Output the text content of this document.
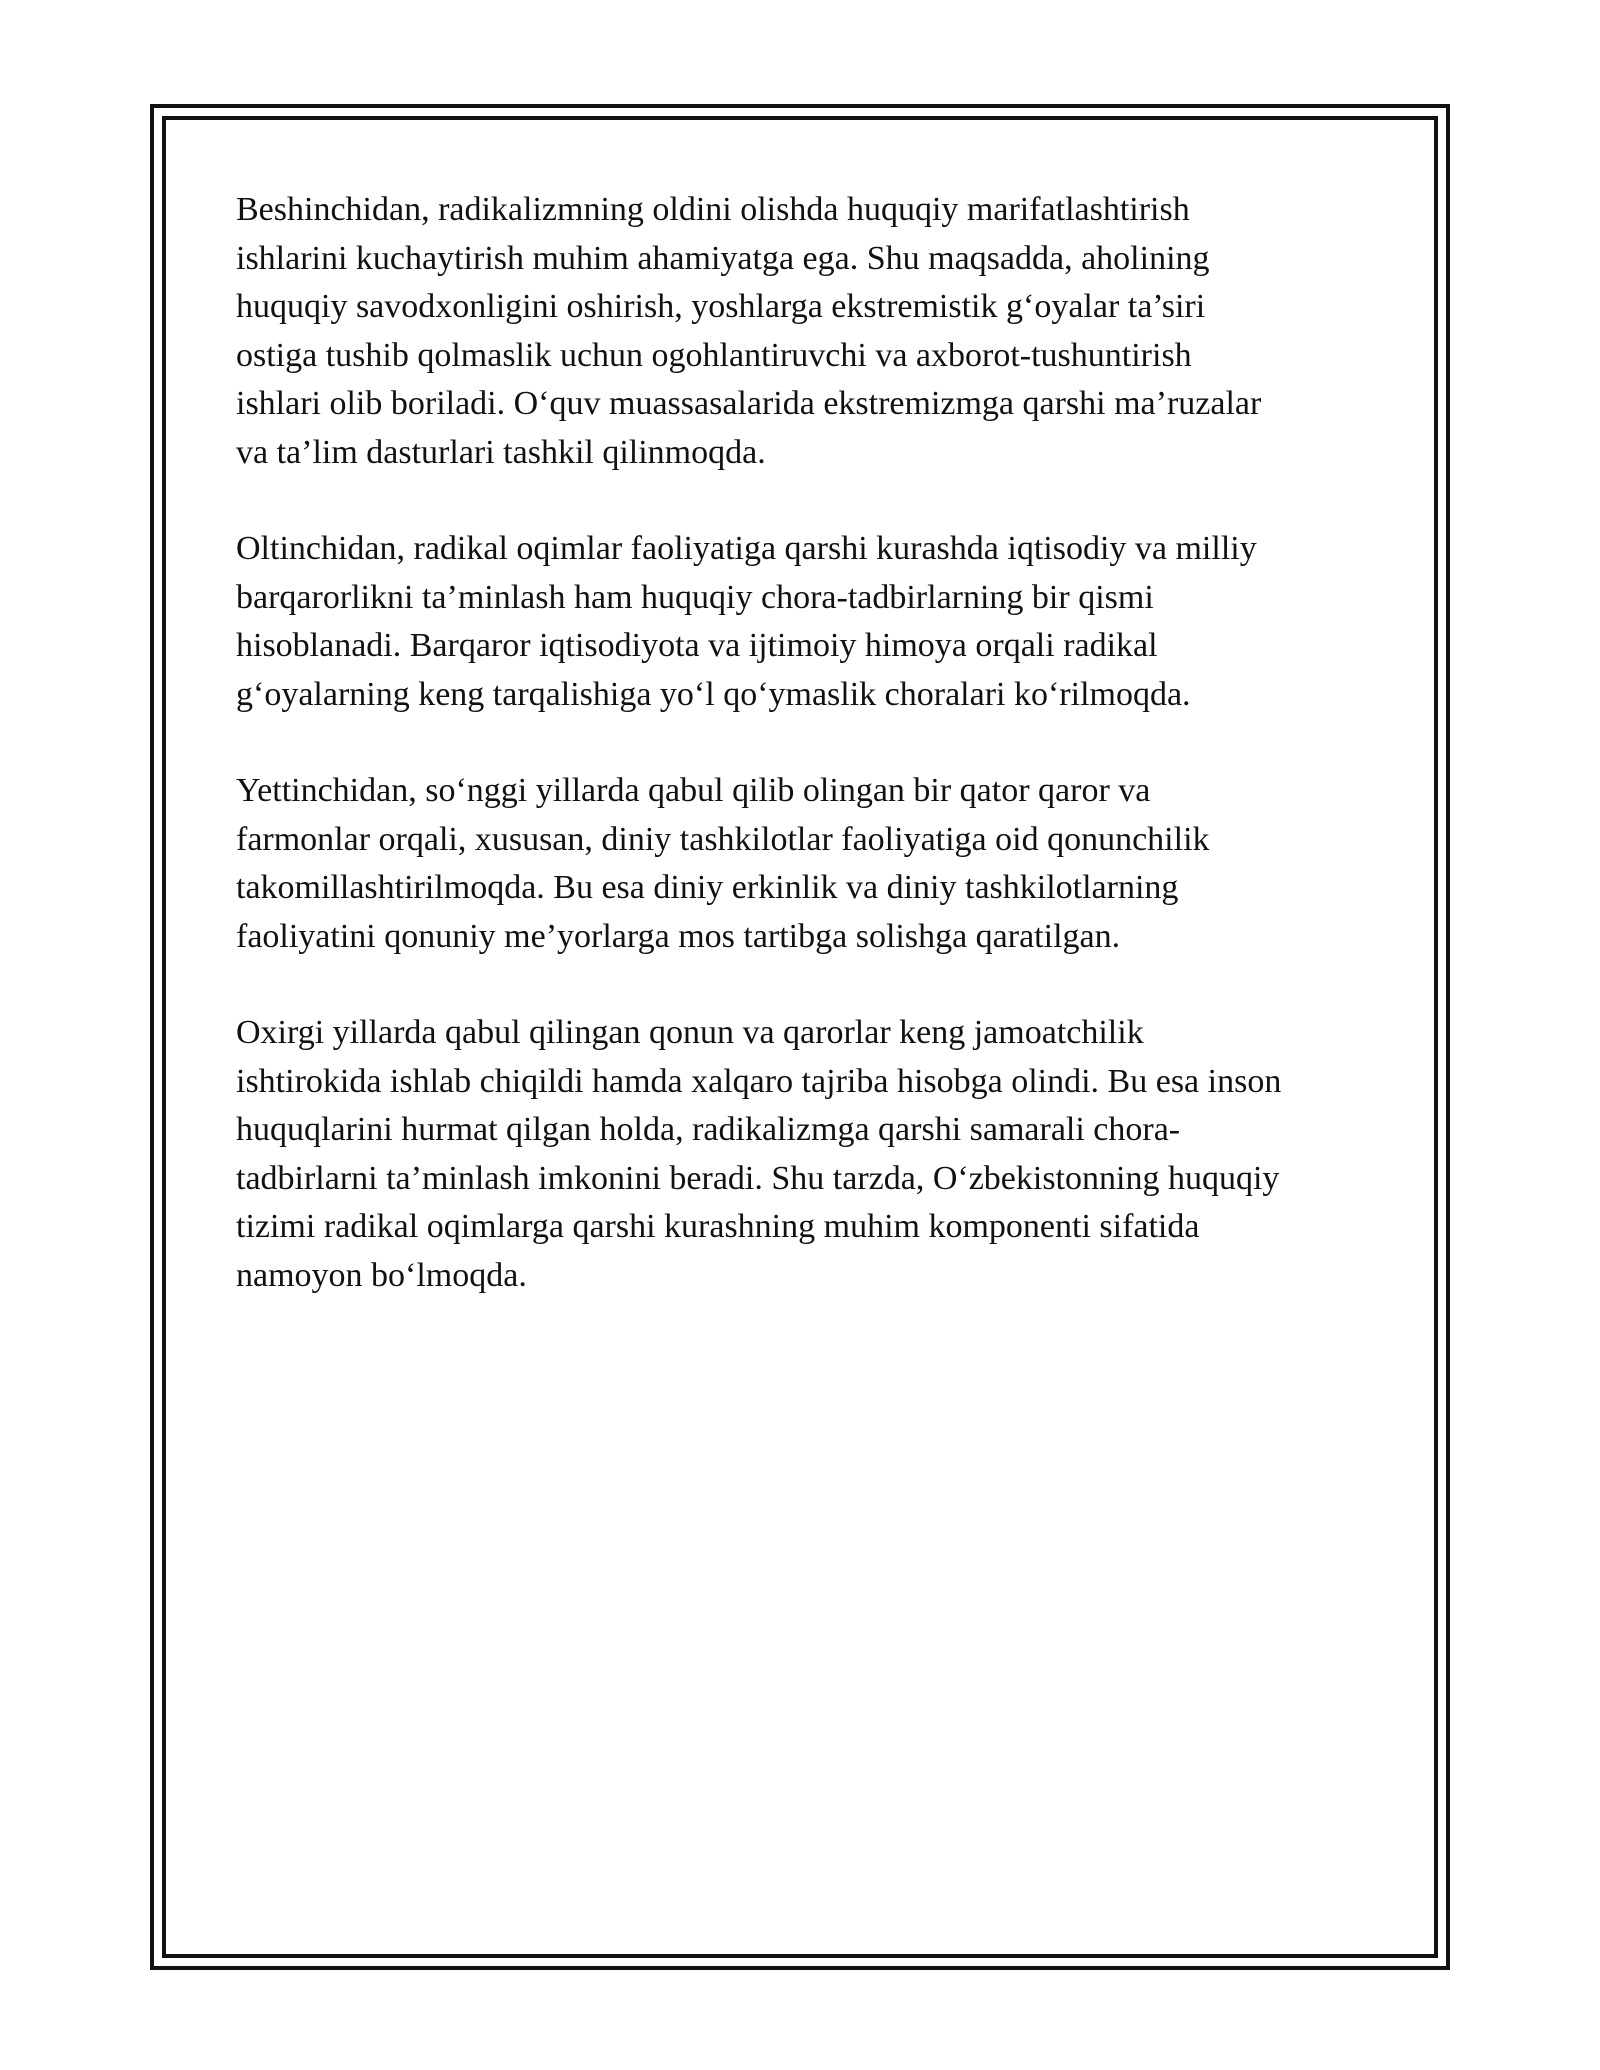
Beshinchidan, radikalizmning oldini olishda huquqiy marifatlashtirish
ishlarini kuchaytirish muhim ahamiyatga ega. Shu maqsadda, aholining
huquqiy savodxonligini oshirish, yoshlarga ekstremistik g‘oyalar ta’siri
ostiga tushib qolmaslik uchun ogohlantiruvchi va axborot-tushuntirish
ishlari olib boriladi. O‘quv muassasalarida ekstremizmga qarshi ma’ruzalar
va ta’lim dasturlari tashkil qilinmoqda.

Oltinchidan, radikal oqimlar faoliyatiga qarshi kurashda iqtisodiy va milliy
barqarorlikni ta’minlash ham huquqiy chora-tadbirlarning bir qismi
hisoblanadi. Barqaror iqtisodiyota va ijtimoiy himoya orqali radikal
g‘oyalarning keng tarqalishiga yo‘l qo‘ymaslik choralari ko‘rilmoqda.

Yettinchidan, so‘nggi yillarda qabul qilib olingan bir qator qaror va
farmonlar orqali, xususan, diniy tashkilotlar faoliyatiga oid qonunchilik
takomillashtirilmoqda. Bu esa diniy erkinlik va diniy tashkilotlarning
faoliyatini qonuniy me’yorlarga mos tartibga solishga qaratilgan.

Oxirgi yillarda qabul qilingan qonun va qarorlar keng jamoatchilik
ishtirokida ishlab chiqildi hamda xalqaro tajriba hisobga olindi. Bu esa inson
huquqlarini hurmat qilgan holda, radikalizmga qarshi samarali chora-
tadbirlarni ta’minlash imkonini beradi. Shu tarzda, O‘zbekistonning huquqiy
tizimi radikal oqimlarga qarshi kurashning muhim komponenti sifatida
namoyon bo‘lmoqda.
